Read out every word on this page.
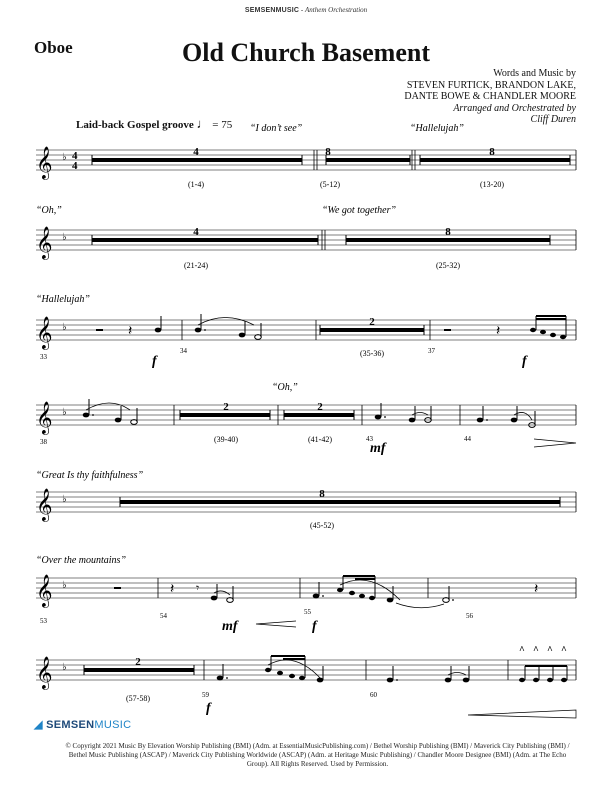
SEMSENMUSIC - Anthem Orchestration
Oboe	Old Church Basement
Words and Music by
STEVEN FURTICK, BRANDON LAKE,
DANTE BOWE & CHANDLER MOORE
Arranged and Orchestrated by
Cliff Duren
Laid-back Gospel groove ♩ = 75
𝄞 ♭ 4
4
4	8	8
(1-4)	(5-12)	(13-20)
“I don’t see”	“Hallelujah”
𝄞 ♭	4	8
(21-24)	(25-32)
“Oh,”	“We got together”
𝄞 ♭	𝄽	𝄽
2
(35-36)
33
34	37
f	f
“Hallelujah”
𝄞 ♭	2	2
(39-40)	(41-42)
38	43	44
mf
“Oh,”
𝄞 ♭	8
(45-52)
“Great Is thy faithfulness”
𝄞 ♭	𝄽 𝄾	𝄽
53
54	55	56
mf	f
“Over the mountains”
𝄞 ♭
^ ^ ^ ^
2
(57-58)	59	60
f
◢ SEMSENMUSIC
© Copyright 2021 Music By Elevation Worship Publishing (BMI) (Adm. at EssentialMusicPublishing.com) / Bethel Worship Publishing (BMI) / Maverick City Publishing (BMI) / Bethel Music Publishing (ASCAP) / Maverick City Publishing Worldwide (ASCAP) (Adm. at Heritage Music Publishing) / Chandler Moore Designee (BMI) (Adm. at The Echo Group). All Rights Reserved. Used by Permission.
